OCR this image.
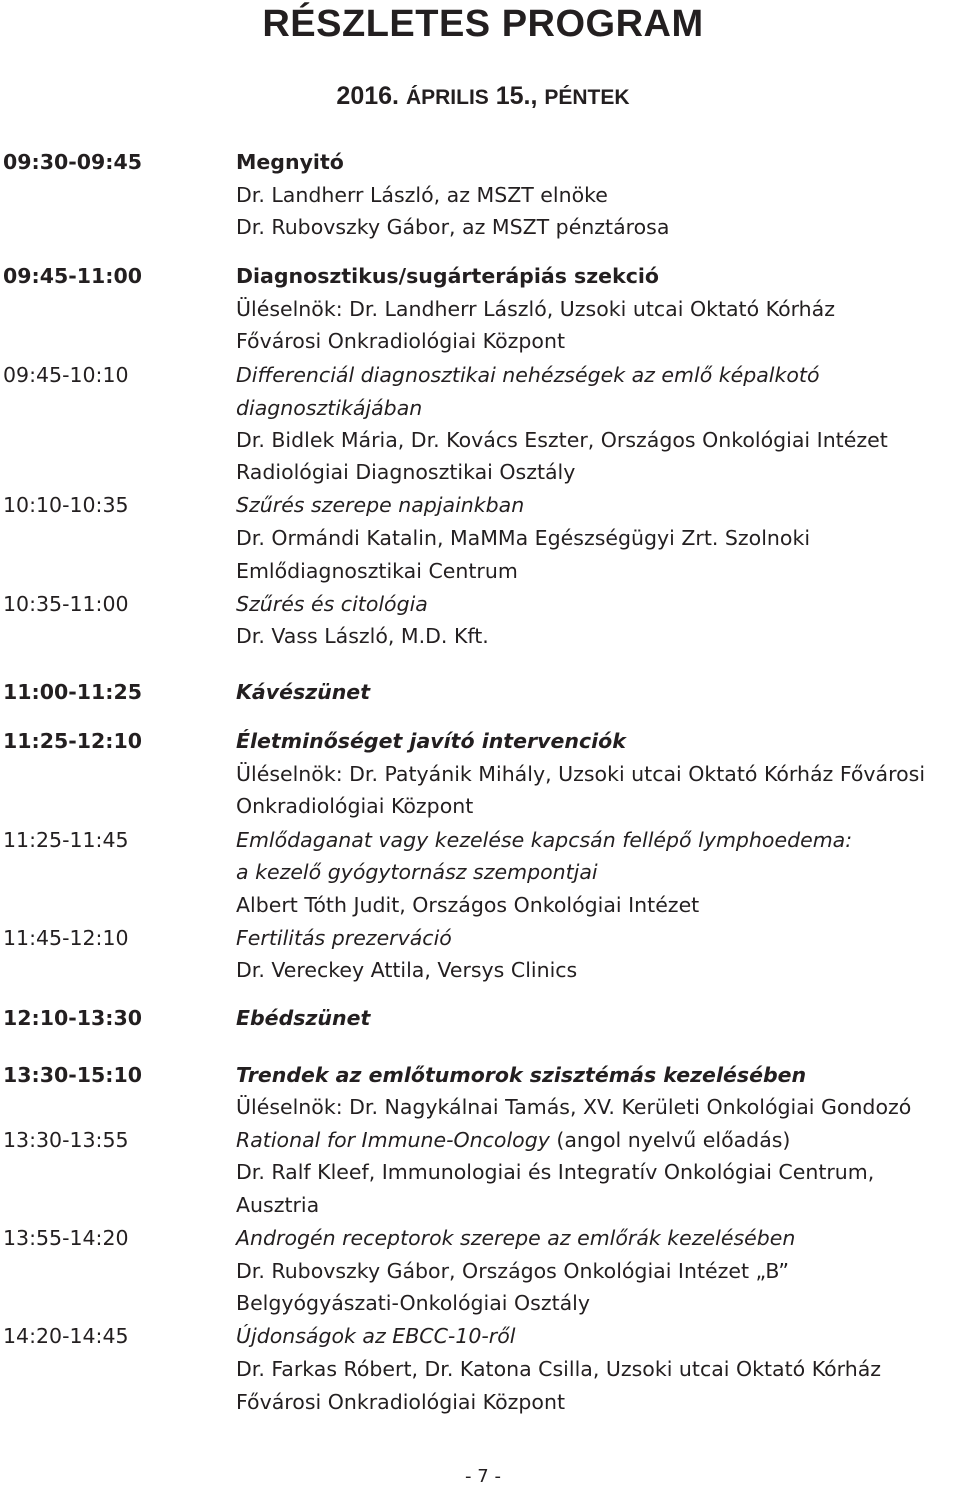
RÉSZLETES PROGRAM
2016. ÁPRILIS 15., PÉNTEK
09:30-09:45	Megnyitó
Dr. Landherr László, az MSZT elnöke
Dr. Rubovszky Gábor, az MSZT pénztárosa
09:45-11:00	Diagnosztikus/sugárterápiás szekció
Üléselnök: Dr. Landherr László, Uzsoki utcai Oktató Kórház
Fővárosi Onkradiológiai Központ
09:45-10:10	Differenciál diagnosztikai nehézségek az emlő képalkotó
diagnosztikájában
Dr. Bidlek Mária, Dr. Kovács Eszter, Országos Onkológiai Intézet
Radiológiai Diagnosztikai Osztály
10:10-10:35	Szűrés szerepe napjainkban
Dr. Ormándi Katalin, MaMMa Egészségügyi Zrt. Szolnoki
Emlődiagnosztikai Centrum
10:35-11:00	Szűrés és citológia
Dr. Vass László, M.D. Kft.
11:00-11:25	Kávészünet
11:25-12:10	Életminőséget javító intervenciók
Üléselnök: Dr. Patyánik Mihály, Uzsoki utcai Oktató Kórház Fővárosi
Onkradiológiai Központ
11:25-11:45	Emlődaganat vagy kezelése kapcsán fellépő lymphoedema:
a kezelő gyógytornász szempontjai
Albert Tóth Judit, Országos Onkológiai Intézet
11:45-12:10	Fertilitás prezerváció
Dr. Vereckey Attila, Versys Clinics
12:10-13:30	Ebédszünet
13:30-15:10	Trendek az emlőtumorok szisztémás kezelésében
Üléselnök: Dr. Nagykálnai Tamás, XV. Kerületi Onkológiai Gondozó
13:30-13:55	Rational for Immune-Oncology (angol nyelvű előadás)
Dr. Ralf Kleef, Immunologiai és Integratív Onkológiai Centrum,
Ausztria
13:55-14:20	Androgén receptorok szerepe az emlőrák kezelésében
Dr. Rubovszky Gábor, Országos Onkológiai Intézet „B”
Belgyógyászati-Onkológiai Osztály
14:20-14:45	Újdonságok az EBCC-10-ről
Dr. Farkas Róbert, Dr. Katona Csilla, Uzsoki utcai Oktató Kórház
Fővárosi Onkradiológiai Központ
- 7 -
